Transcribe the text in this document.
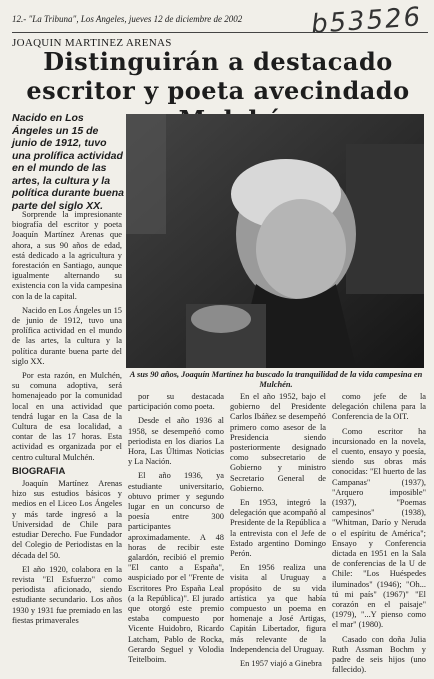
12.- "La Tribuna", Los Angeles, jueves 12 de diciembre de 2002	b53526
JOAQUIN MARTINEZ ARENAS
Distinguirán a destacado escritor y poeta avecindado
Nacido en Los Ángeles un 15 de junio de 1912, tuvo una prolífica actividad en el mundo de las artes, la cultura y la política durante buena parte del siglo XX.
A sus 90 años, Joaquín Martínez ha buscado la tranquilidad de la vida campesina en Mulchén.

Sorprende la impresionante biografía del escritor y poeta Joaquín Martínez Arenas que ahora, a sus 90 años de edad, está dedicado a la agricultura y forestación en Santiago, aunque igualmente alternando su existencia con la vida campesina con la de la capital.

Nacido en Los Ángeles un 15 de junio de 1912, tuvo una prolífica actividad en el mundo de las artes, la cultura y la política durante buena parte del siglo XX.

Por esta razón, en Mulchén, su comuna adoptiva, será homenajeado por la comunidad local en una actividad que tendrá lugar en la Casa de la Cultura de esa localidad, a contar de las 17 horas. Esta actividad es organizada por el centro cultural Mulchén.

BIOGRAFIA

Joaquín Martínez Arenas hizo sus estudios básicos y medios en el Liceo Los Ángeles y más tarde ingresó a la Universidad de Chile para estudiar Derecho. Fue Fundador del Colegio de Periodistas en la década del 50.

El año 1920, colabora en la revista "El Esfuerzo" como periodista aficionado, siendo estudiante secundario. Los años 1930 y 1931 fue premiado en las fiestas primaverales

por su destacada participación como poeta.

Desde el año 1936 al 1958, se desempeñó como periodista en los diarios La Hora, Las Últimas Noticias y La Nación.

El año 1936, ya estudiante universitario, obtuvo primer y segundo lugar en un concurso de poesía entre 300 participantes aproximadamente. A 48 horas de recibir este galardón, recibió el premio "El canto a España", auspiciado por el "Frente de Escritores Pro España Leal (a la República)". El jurado que otorgó este premio estaba compuesto por Vicente Huidobro, Ricardo Latcham, Pablo de Rocka, Gerardo Seguel y Volodia Teitelboim.

En el año 1952, bajo el gobierno del Presidente Carlos Ibáñez se desempeñó primero como asesor de la Presidencia siendo posteriormente designado como subsecretario de Gobierno y ministro Secretario General de Gobierno.

En 1953, integró la delegación que acompañó al Presidente de la República a la entrevista con el Jefe de Estado argentino Domingo Perón.

En 1956 realiza una visita al Uruguay a propósito de su vida artística ya que había compuesto un poema en homenaje a José Artigas, Capitán Libertador, figura más relevante de la Independencia del Uruguay.

En 1957 viajó a Ginebra

como jefe de la delegación chilena para la Conferencia de la OIT.

Como escritor ha incursionado en la novela, el cuento, ensayo y poesía, siendo sus obras más conocidas: "El huerto de las Campanas" (1937), "Arquero imposible" (1937), "Poemas campesinos" (1938), "Whitman, Darío y Neruda o el espíritu de América"; Ensayo y Conferencia dictada en 1951 en la Sala de conferencias de la U de Chile: "Los Huéspedes iluminados" (1946); "Oh... tú mi país" (1967)" "El corazón en el paisaje" (1979), "...Y pienso como el mar" (1980).

Casado con doña Julia Ruth Assman Bochm y padre de seis hijos (uno fallecido).
